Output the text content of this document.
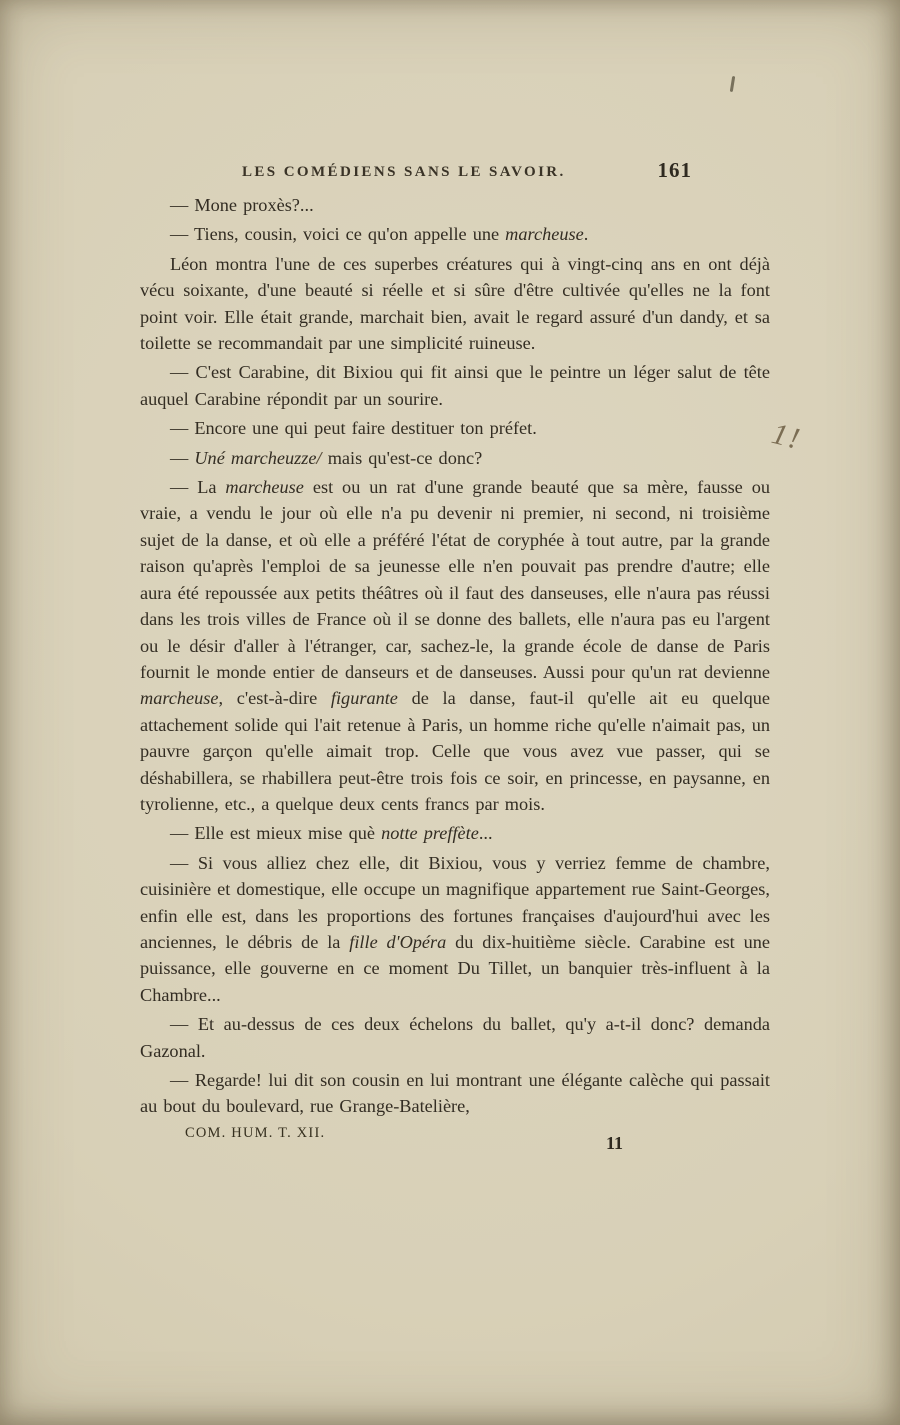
LES COMÉDIENS SANS LE SAVOIR.	161

— Mone proxès?...

— Tiens, cousin, voici ce qu'on appelle une marcheuse.

Léon montra l'une de ces superbes créatures qui à vingt-cinq ans en ont déjà vécu soixante, d'une beauté si réelle et si sûre d'être cultivée qu'elles ne la font point voir. Elle était grande, marchait bien, avait le regard assuré d'un dandy, et sa toilette se recommandait par une simplicité ruineuse.

— C'est Carabine, dit Bixiou qui fit ainsi que le peintre un léger salut de tête auquel Carabine répondit par un sourire.

— Encore une qui peut faire destituer ton préfet.

— Uné marcheuzze/ mais qu'est-ce donc?

— La marcheuse est ou un rat d'une grande beauté que sa mère, fausse ou vraie, a vendu le jour où elle n'a pu devenir ni premier, ni second, ni troisième sujet de la danse, et où elle a préféré l'état de coryphée à tout autre, par la grande raison qu'après l'emploi de sa jeunesse elle n'en pouvait pas prendre d'autre; elle aura été repoussée aux petits théâtres où il faut des danseuses, elle n'aura pas réussi dans les trois villes de France où il se donne des ballets, elle n'aura pas eu l'argent ou le désir d'aller à l'étranger, car, sachez-le, la grande école de danse de Paris fournit le monde entier de danseurs et de danseuses. Aussi pour qu'un rat devienne marcheuse, c'est-à-dire figurante de la danse, faut-il qu'elle ait eu quelque attachement solide qui l'ait retenue à Paris, un homme riche qu'elle n'aimait pas, un pauvre garçon qu'elle aimait trop. Celle que vous avez vue passer, qui se déshabillera, se rhabillera peut-être trois fois ce soir, en princesse, en paysanne, en tyrolienne, etc., a quelque deux cents francs par mois.

— Elle est mieux mise què notte preffète...

— Si vous alliez chez elle, dit Bixiou, vous y verriez femme de chambre, cuisinière et domestique, elle occupe un magnifique appartement rue Saint-Georges, enfin elle est, dans les proportions des fortunes françaises d'aujourd'hui avec les anciennes, le débris de la fille d'Opéra du dix-huitième siècle. Carabine est une puissance, elle gouverne en ce moment Du Tillet, un banquier très-influent à la Chambre...

— Et au-dessus de ces deux échelons du ballet, qu'y a-t-il donc? demanda Gazonal.

— Regarde! lui dit son cousin en lui montrant une élégante calèche qui passait au bout du boulevard, rue Grange-Batelière,

COM. HUM. T. XII.	11
1!
